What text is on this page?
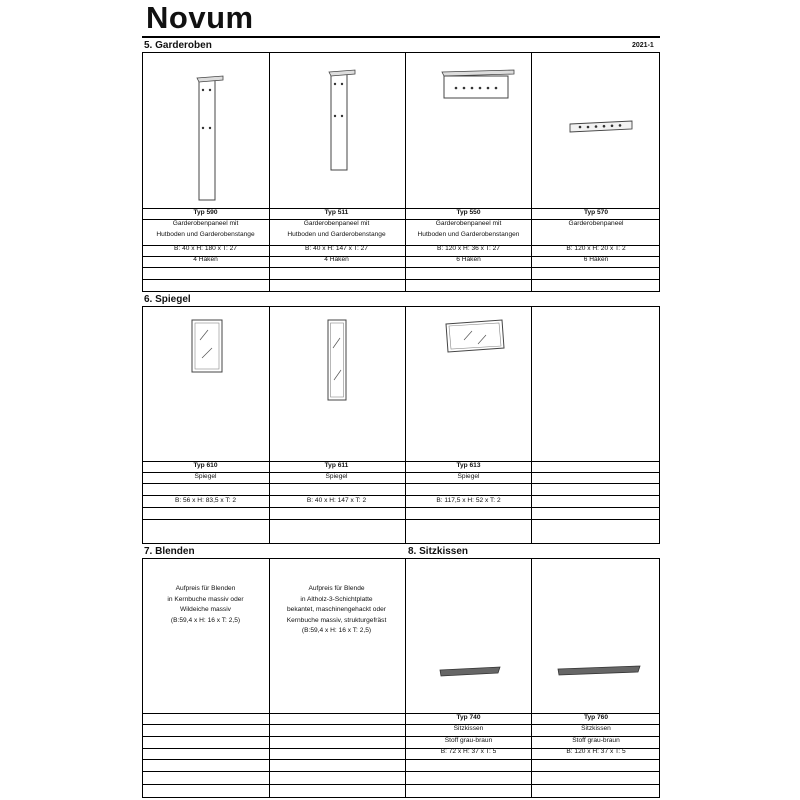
Novum
5. Garderoben	2021-1
Typ 590
Garderobenpaneel mit
Hutboden und Garderobenstange
B: 40 x H: 180 x T: 27
4 Haken
Typ 511
Garderobenpaneel mit
Hutboden und Garderobenstange
B: 40 x H: 147 x T: 27
4 Haken
Typ 550
Garderobenpaneel mit
Hutboden und Garderobenstangen
B: 120 x H: 36 x T: 27
6 Haken
Typ 570
Garderobenpaneel
B: 120 x H: 20 x T: 2
6 Haken
6. Spiegel
Typ 610
Spiegel
B: 56 x H: 83,5 x T: 2
Typ 611
Spiegel
B: 40 x H: 147 x T: 2
Typ 613
Spiegel
B: 117,5 x H: 52 x T: 2
7. Blenden	8. Sitzkissen
Aufpreis für Blenden
in Kernbuche massiv oder
Wildeiche massiv
(B:59,4 x H: 16 x T: 2,5)
Aufpreis für Blende
in Altholz-3-Schichtplatte
bekantet, maschinengehackt oder
Kernbuche massiv, strukturgefräst
(B:59,4 x H: 16 x T: 2,5)
Typ 740
Sitzkissen
Stoff grau-braun
B: 72 x H: 37 x T: 5
Typ 760
Sitzkissen
Stoff grau-braun
B: 120 x H: 37 x T: 5
